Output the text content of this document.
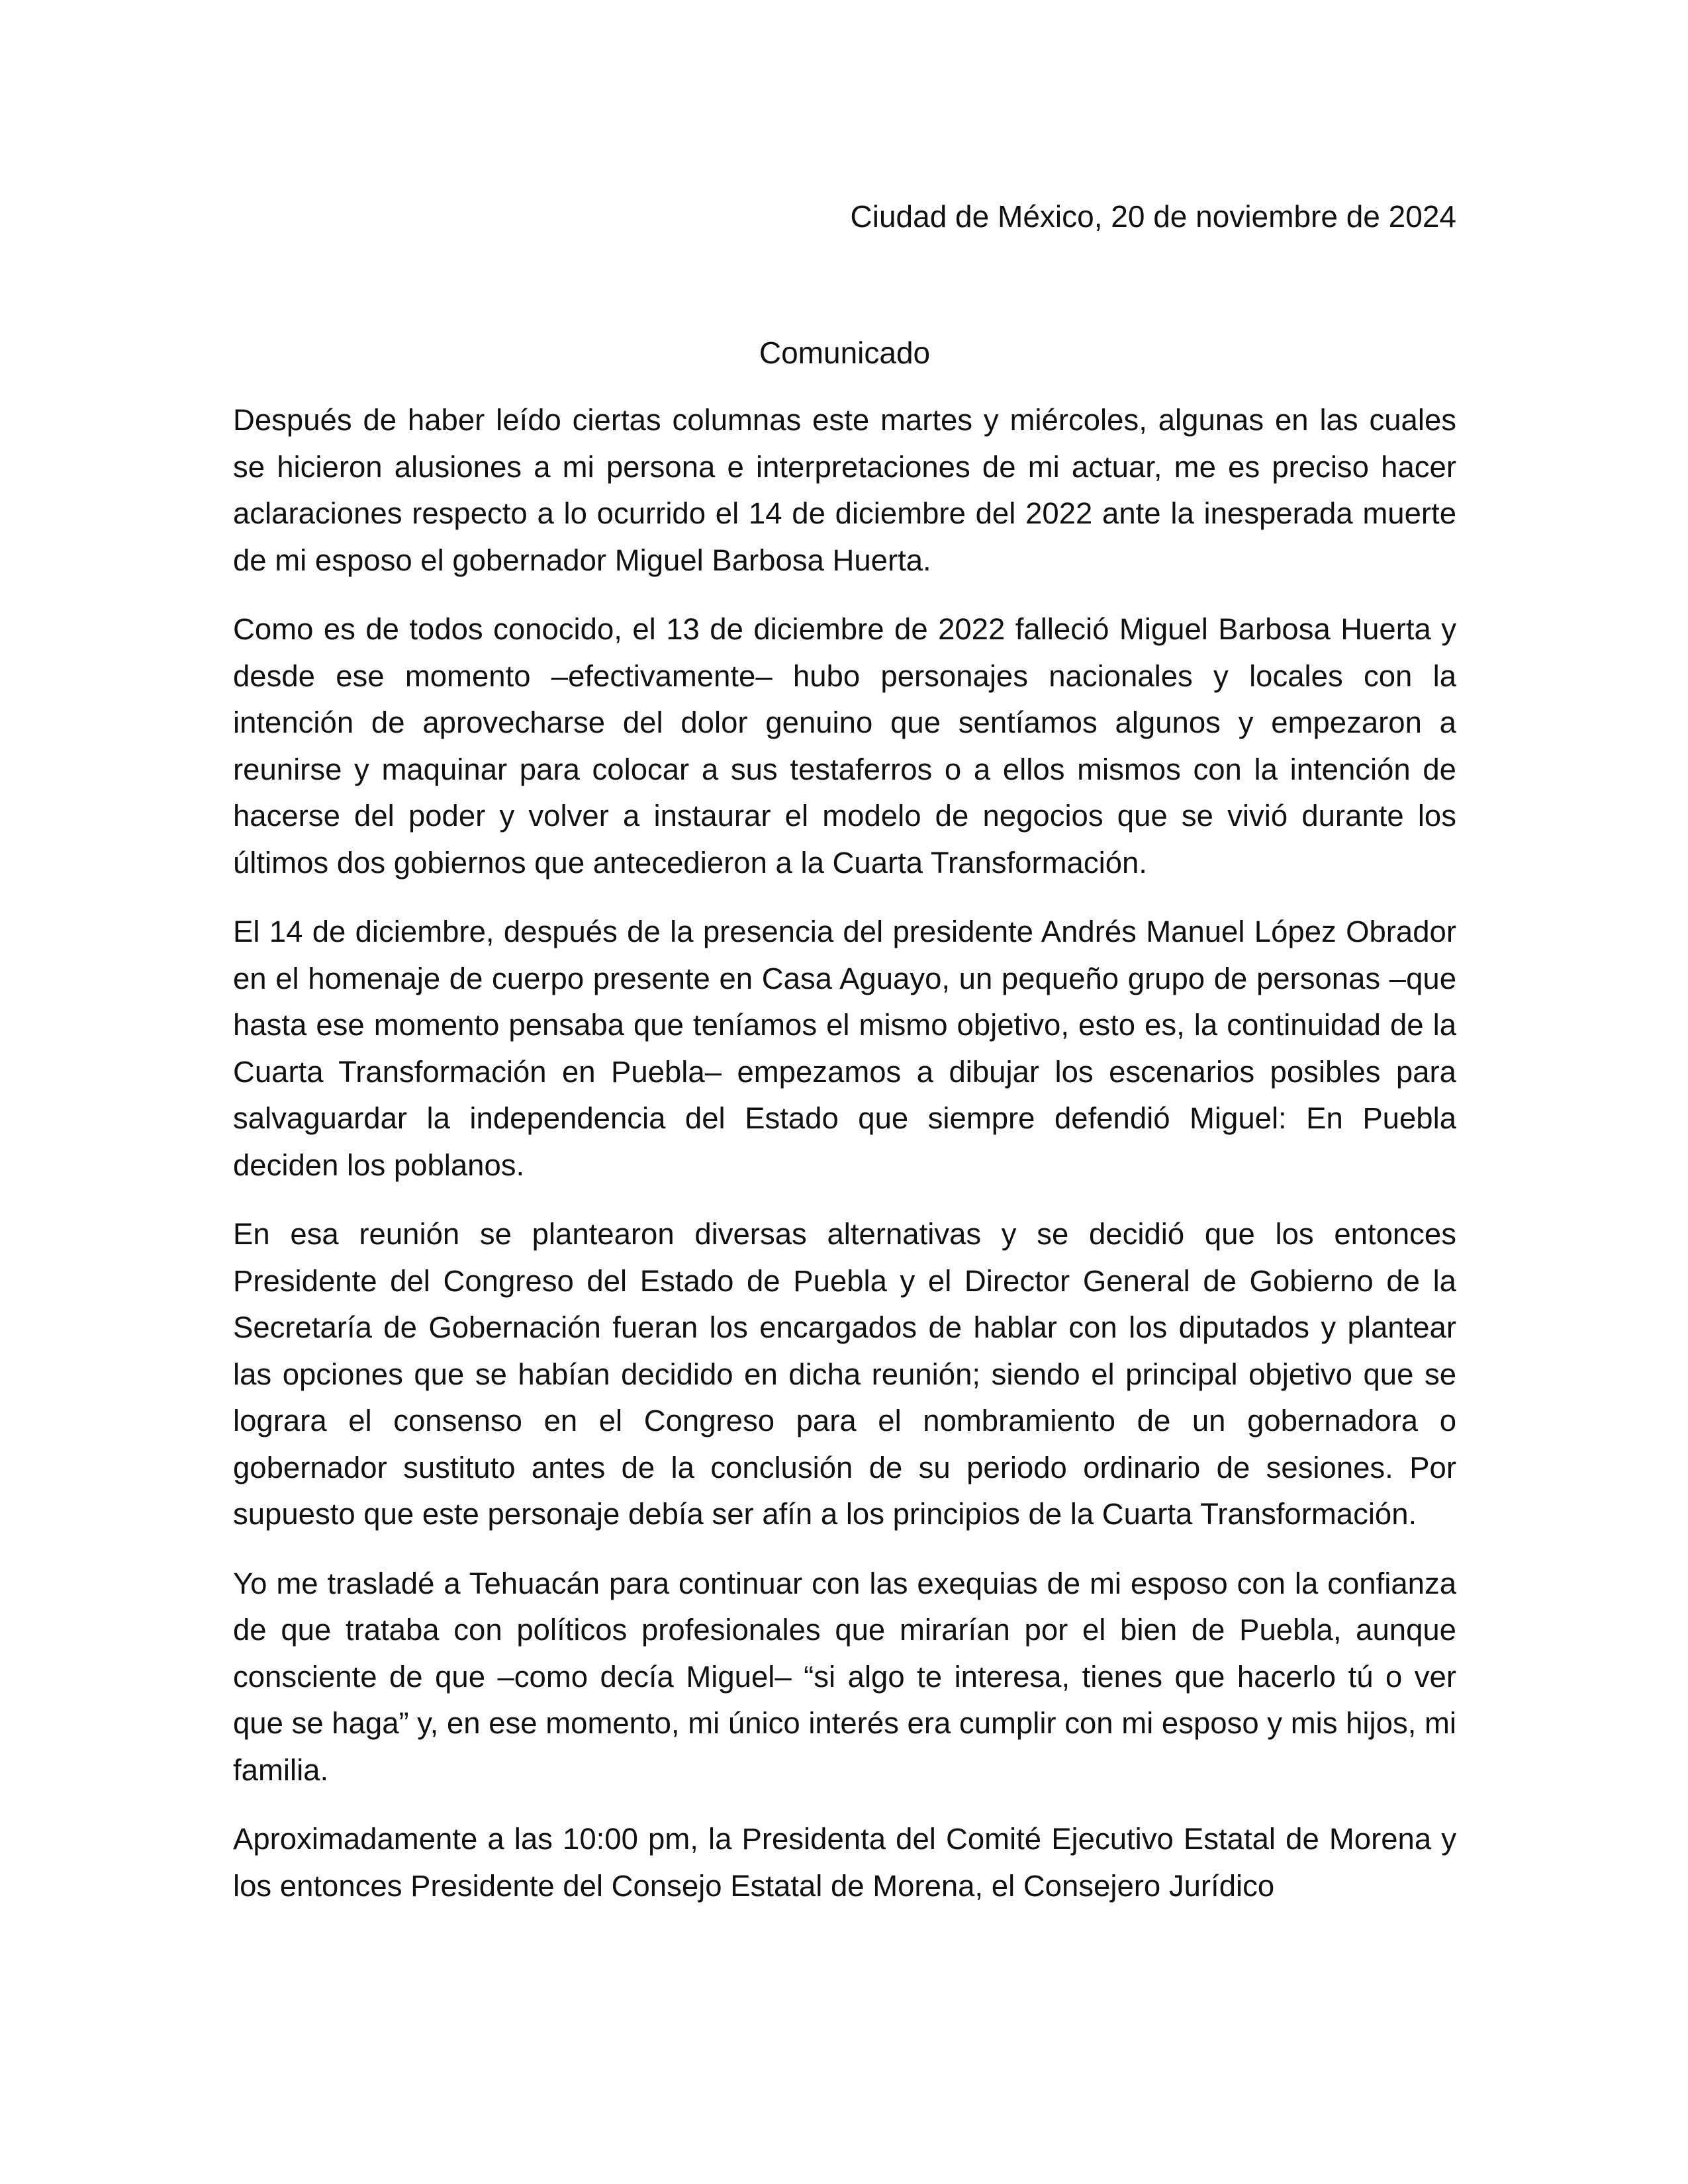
Ciudad de México, 20 de noviembre de 2024
Comunicado

Después de haber leído ciertas columnas este martes y miércoles, algunas en las cuales se hicieron alusiones a mi persona e interpretaciones de mi actuar, me es preciso hacer aclaraciones respecto a lo ocurrido el 14 de diciembre del 2022 ante la inesperada muerte de mi esposo el gobernador Miguel Barbosa Huerta.

Como es de todos conocido, el 13 de diciembre de 2022 falleció Miguel Barbosa Huerta y desde ese momento –efectivamente– hubo personajes nacionales y locales con la intención de aprovecharse del dolor genuino que sentíamos algunos y empezaron a reunirse y maquinar para colocar a sus testaferros o a ellos mismos con la intención de hacerse del poder y volver a instaurar el modelo de negocios que se vivió durante los últimos dos gobiernos que antecedieron a la Cuarta Transformación.

El 14 de diciembre, después de la presencia del presidente Andrés Manuel López Obrador en el homenaje de cuerpo presente en Casa Aguayo, un pequeño grupo de personas –que hasta ese momento pensaba que teníamos el mismo objetivo, esto es, la continuidad de la Cuarta Transformación en Puebla– empezamos a dibujar los escenarios posibles para salvaguardar la independencia del Estado que siempre defendió Miguel: En Puebla deciden los poblanos.

En esa reunión se plantearon diversas alternativas y se decidió que los entonces Presidente del Congreso del Estado de Puebla y el Director General de Gobierno de la Secretaría de Gobernación fueran los encargados de hablar con los diputados y plantear las opciones que se habían decidido en dicha reunión; siendo el principal objetivo que se lograra el consenso en el Congreso para el nombramiento de un gobernadora o gobernador sustituto antes de la conclusión de su periodo ordinario de sesiones. Por supuesto que este personaje debía ser afín a los principios de la Cuarta Transformación.

Yo me trasladé a Tehuacán para continuar con las exequias de mi esposo con la confianza de que trataba con políticos profesionales que mirarían por el bien de Puebla, aunque consciente de que –como decía Miguel– “si algo te interesa, tienes que hacerlo tú o ver que se haga” y, en ese momento, mi único interés era cumplir con mi esposo y mis hijos, mi familia.

Aproximadamente a las 10:00 pm, la Presidenta del Comité Ejecutivo Estatal de Morena y los entonces Presidente del Consejo Estatal de Morena, el Consejero Jurídico
